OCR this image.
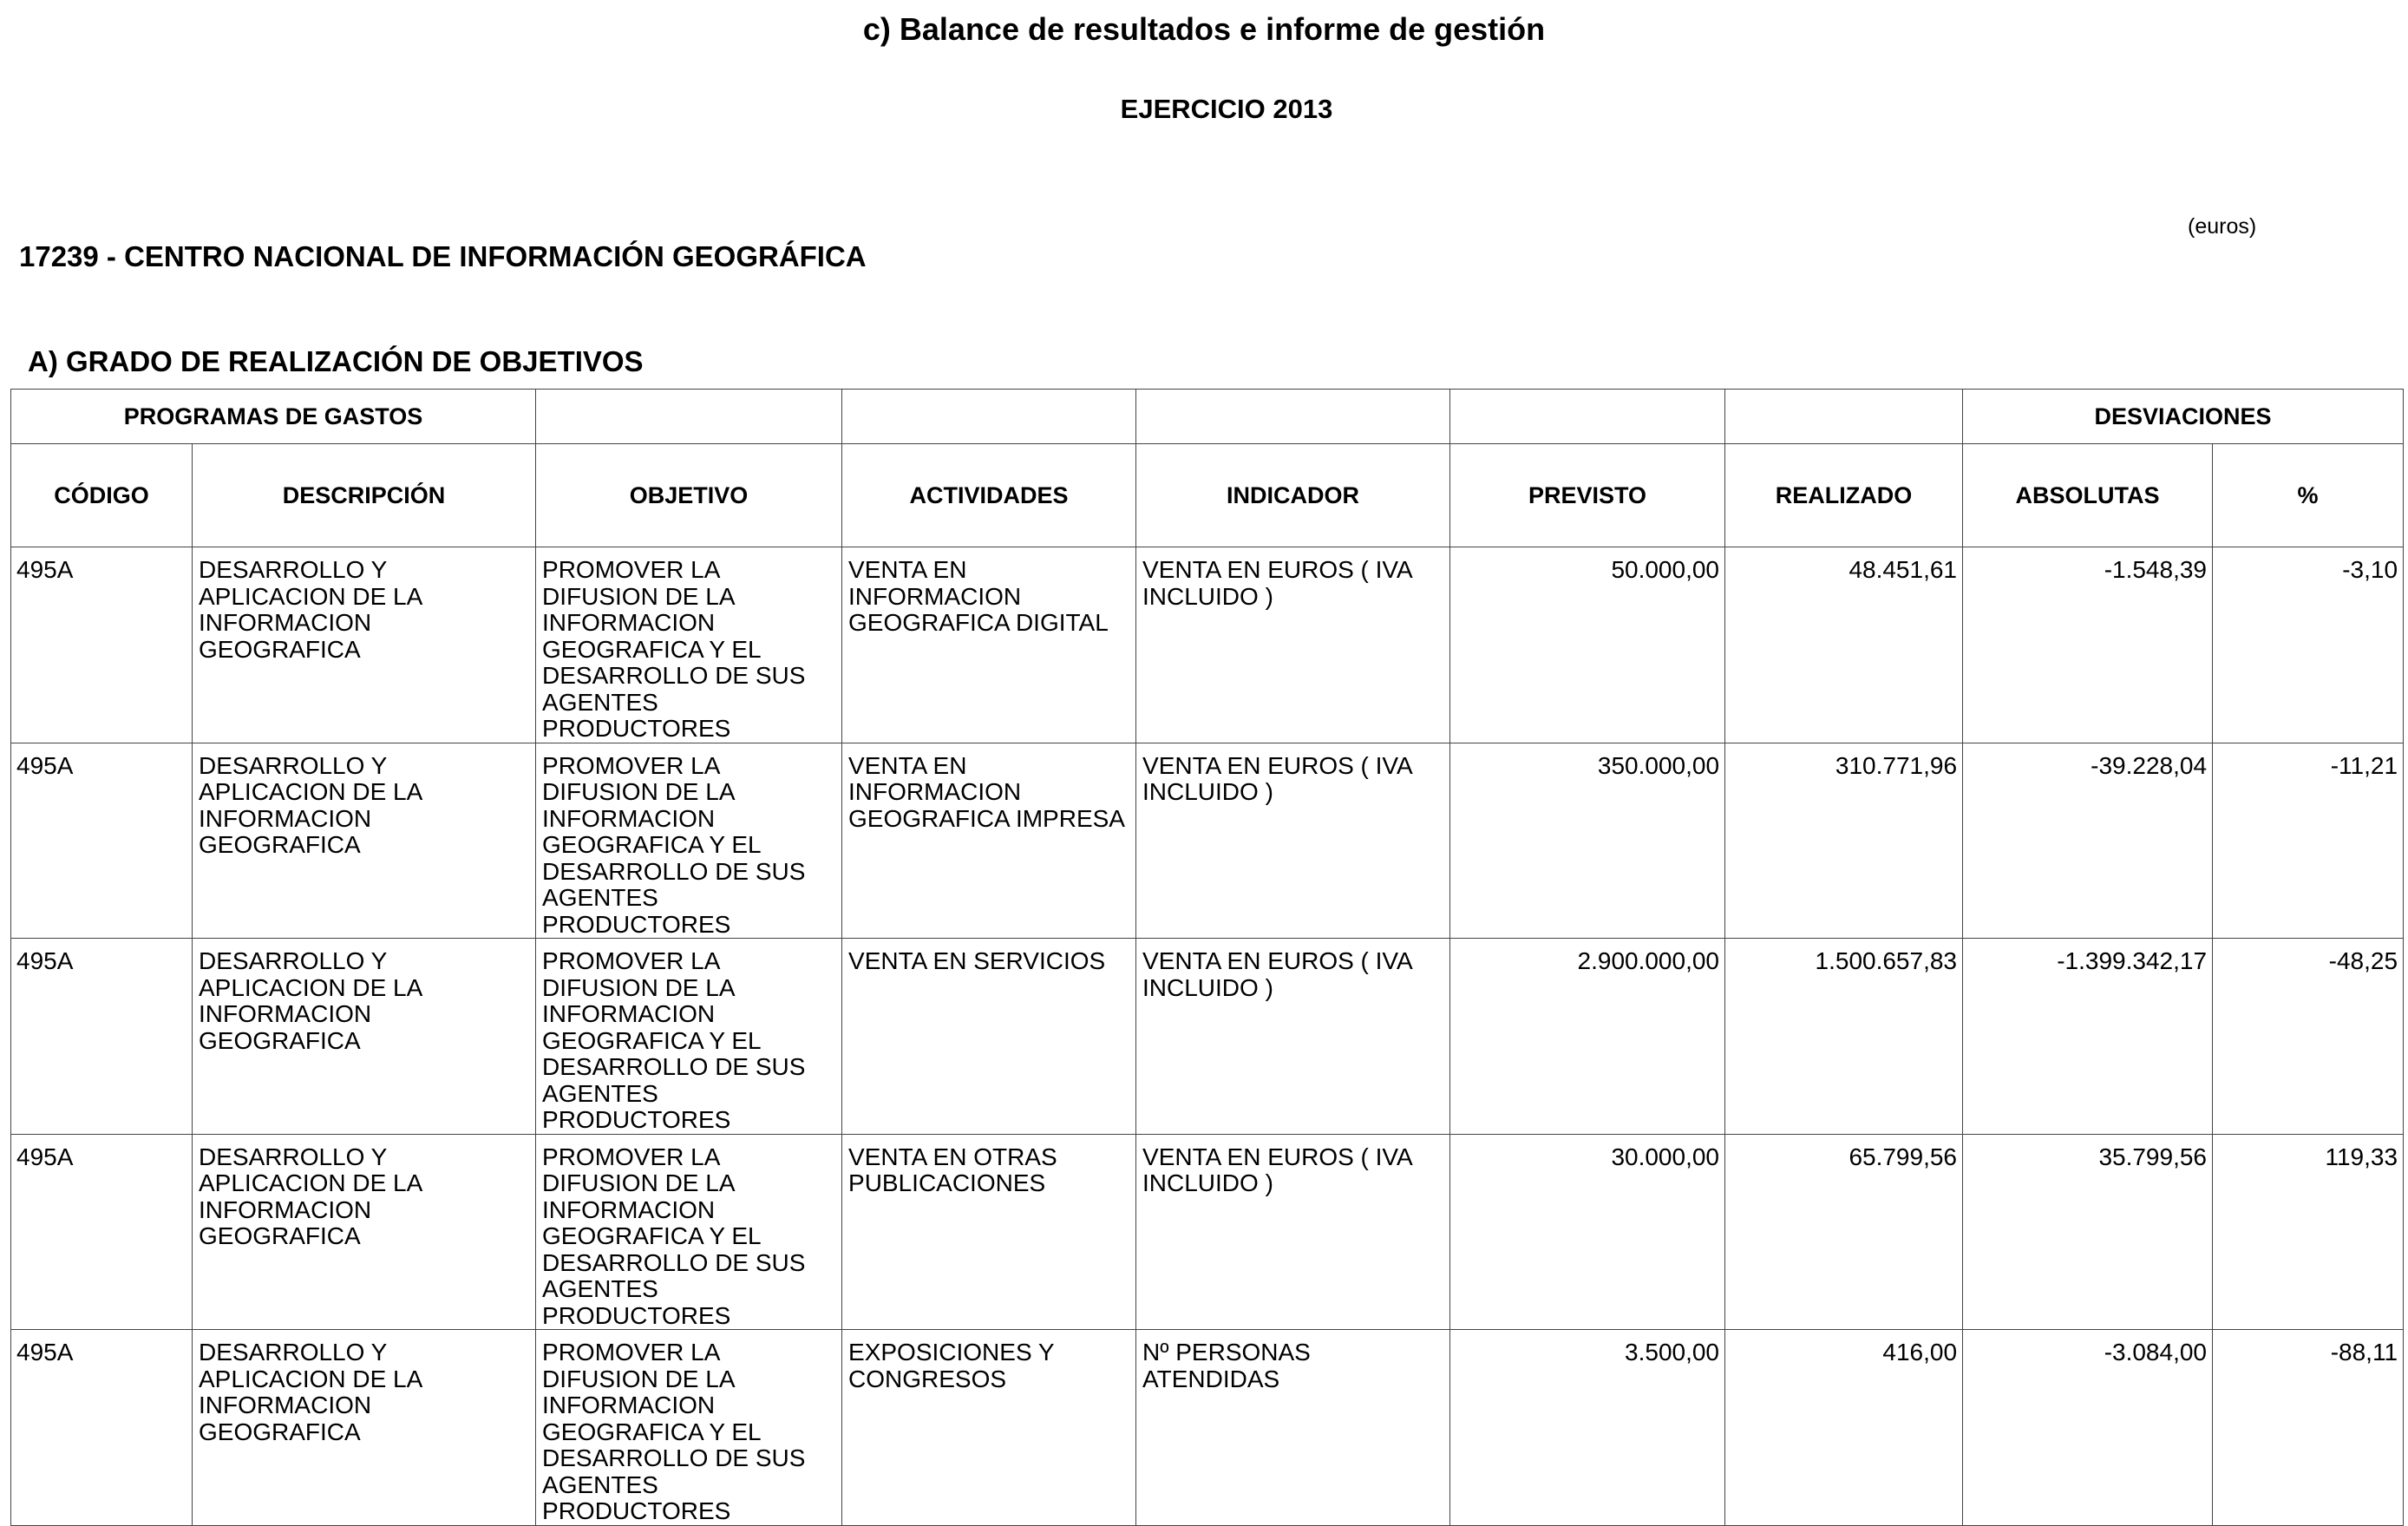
c) Balance de resultados e informe de gestión
EJERCICIO 2013
(euros)
17239 - CENTRO NACIONAL DE INFORMACIÓN GEOGRÁFICA
A) GRADO DE REALIZACIÓN DE OBJETIVOS
PROGRAMAS DE GASTOS							DESVIACIONES	
CÓDIGO	DESCRIPCIÓN	OBJETIVO	ACTIVIDADES	INDICADOR	PREVISTO	REALIZADO	ABSOLUTAS	%
495A	DESARROLLO Y APLICACION DE LA INFORMACION GEOGRAFICA	PROMOVER LA DIFUSION DE LA INFORMACION GEOGRAFICA Y EL DESARROLLO DE SUS AGENTES PRODUCTORES	VENTA EN INFORMACION GEOGRAFICA DIGITAL	VENTA EN EUROS ( IVA INCLUIDO )	50.000,00	48.451,61	-1.548,39	-3,10
495A	DESARROLLO Y APLICACION DE LA INFORMACION GEOGRAFICA	PROMOVER LA DIFUSION DE LA INFORMACION GEOGRAFICA Y EL DESARROLLO DE SUS AGENTES PRODUCTORES	VENTA EN INFORMACION GEOGRAFICA IMPRESA	VENTA EN EUROS ( IVA INCLUIDO )	350.000,00	310.771,96	-39.228,04	-11,21
495A	DESARROLLO Y APLICACION DE LA INFORMACION GEOGRAFICA	PROMOVER LA DIFUSION DE LA INFORMACION GEOGRAFICA Y EL DESARROLLO DE SUS AGENTES PRODUCTORES	VENTA EN SERVICIOS	VENTA EN EUROS ( IVA INCLUIDO )	2.900.000,00	1.500.657,83	-1.399.342,17	-48,25
495A	DESARROLLO Y APLICACION DE LA INFORMACION GEOGRAFICA	PROMOVER LA DIFUSION DE LA INFORMACION GEOGRAFICA Y EL DESARROLLO DE SUS AGENTES PRODUCTORES	VENTA EN OTRAS PUBLICACIONES	VENTA EN EUROS ( IVA INCLUIDO )	30.000,00	65.799,56	35.799,56	119,33
495A	DESARROLLO Y APLICACION DE LA INFORMACION GEOGRAFICA	PROMOVER LA DIFUSION DE LA INFORMACION GEOGRAFICA Y EL DESARROLLO DE SUS AGENTES PRODUCTORES	EXPOSICIONES Y CONGRESOS	Nº PERSONAS ATENDIDAS	3.500,00	416,00	-3.084,00	-88,11
